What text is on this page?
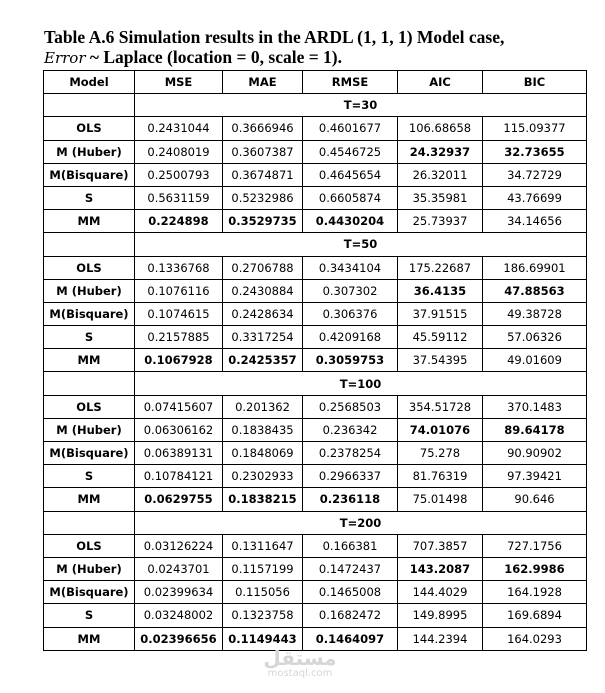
Table A.6 Simulation results in the ARDL (1, 1, 1) Model case,
Error ~ Laplace (location = 0, scale = 1).
Model	MSE	MAE	RMSE	AIC	BIC
	T=30				
OLS	0.2431044	0.3666946	0.4601677	106.68658	115.09377
M (Huber)	0.2408019	0.3607387	0.4546725	24.32937	32.73655
M(Bisquare)	0.2500793	0.3674871	0.4645654	26.32011	34.72729
S	0.5631159	0.5232986	0.6605874	35.35981	43.76699
MM	0.224898	0.3529735	0.4430204	25.73937	34.14656
	T=50				
OLS	0.1336768	0.2706788	0.3434104	175.22687	186.69901
M (Huber)	0.1076116	0.2430884	0.307302	36.4135	47.88563
M(Bisquare)	0.1074615	0.2428634	0.306376	37.91515	49.38728
S	0.2157885	0.3317254	0.4209168	45.59112	57.06326
MM	0.1067928	0.2425357	0.3059753	37.54395	49.01609
	T=100				
OLS	0.07415607	0.201362	0.2568503	354.51728	370.1483
M (Huber)	0.06306162	0.1838435	0.236342	74.01076	89.64178
M(Bisquare)	0.06389131	0.1848069	0.2378254	75.278	90.90902
S	0.10784121	0.2302933	0.2966337	81.76319	97.39421
MM	0.0629755	0.1838215	0.236118	75.01498	90.646
	T=200				
OLS	0.03126224	0.1311647	0.166381	707.3857	727.1756
M (Huber)	0.0243701	0.1157199	0.1472437	143.2087	162.9986
M(Bisquare)	0.02399634	0.115056	0.1465008	144.4029	164.1928
S	0.03248002	0.1323758	0.1682472	149.8995	169.6894
MM	0.02396656	0.1149443	0.1464097	144.2394	164.0293
مستقل
mostaql.com
